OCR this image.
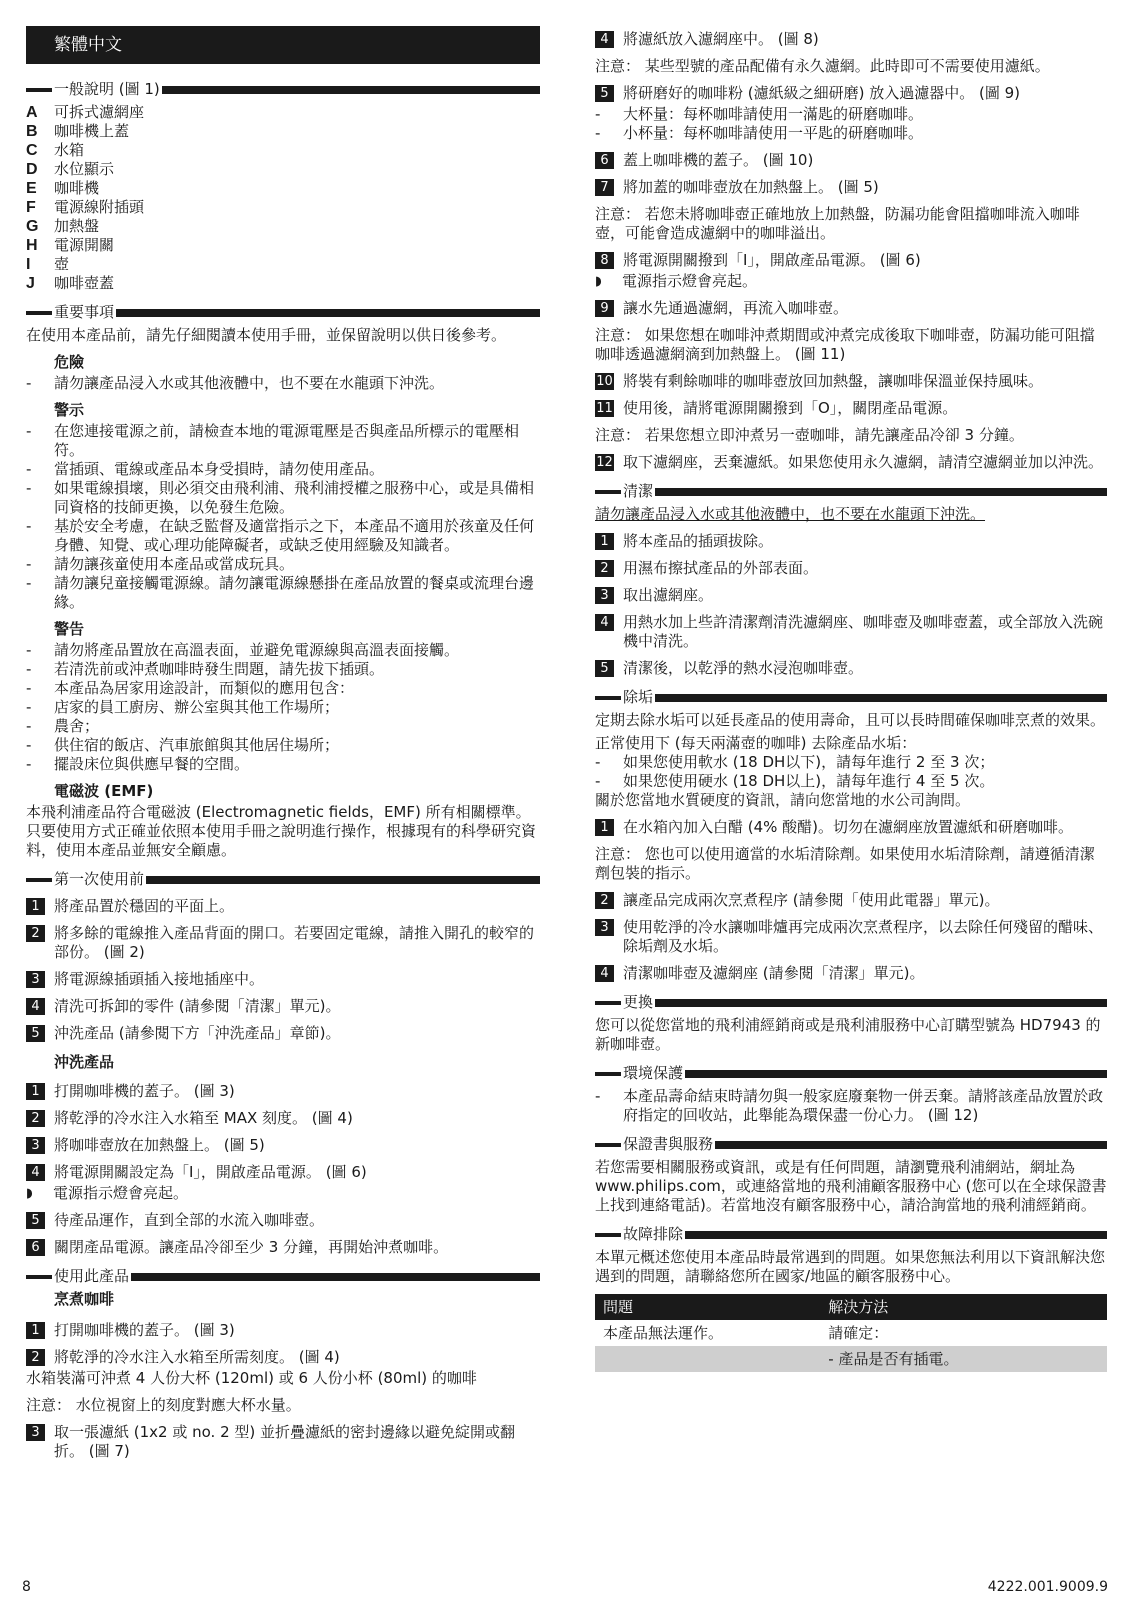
繁體中文
一般說明 (圖 1)
A	可拆式濾網座
B	咖啡機上蓋
C	水箱
D	水位顯示
E	咖啡機
F	電源線附插頭
G	加熱盤
H	電源開關
I	壺
J	咖啡壺蓋
重要事項

在使用本產品前，請先仔細閱讀本使用手冊，並保留說明以供日後參考。

危險
-	請勿讓產品浸入水或其他液體中，也不要在水龍頭下沖洗。
警示
-	在您連接電源之前，請檢查本地的電源電壓是否與產品所標示的電壓相符。
-	當插頭、電線或產品本身受損時，請勿使用產品。
-	如果電線損壞，則必須交由飛利浦、飛利浦授權之服務中心，或是具備相同資格的技師更換，以免發生危險。
-	基於安全考慮，在缺乏監督及適當指示之下，本產品不適用於孩童及任何身體、知覺、或心理功能障礙者，或缺乏使用經驗及知識者。
-	請勿讓孩童使用本產品或當成玩具。
-	請勿讓兒童接觸電源線。請勿讓電源線懸掛在產品放置的餐桌或流理台邊緣。
警告
-	請勿將產品置放在高溫表面，並避免電源線與高溫表面接觸。
-	若清洗前或沖煮咖啡時發生問題，請先拔下插頭。
-	本產品為居家用途設計，而類似的應用包含：
-	店家的員工廚房、辦公室與其他工作場所；
-	農舍；
-	供住宿的飯店、汽車旅館與其他居住場所；
-	擺設床位與供應早餐的空間。
電磁波 (EMF)

本飛利浦產品符合電磁波 (Electromagnetic fields，EMF) 所有相關標準。只要使用方式正確並依照本使用手冊之說明進行操作，根據現有的科學研究資料，使用本產品並無安全顧慮。

第一次使用前
1 將產品置於穩固的平面上。
2 將多餘的電線推入產品背面的開口。若要固定電線，請推入開孔的較窄的部份。 (圖 2)
3 將電源線插頭插入接地插座中。
4 清洗可拆卸的零件 (請參閱「清潔」單元)。
5 沖洗產品 (請參閱下方「沖洗產品」章節)。
沖洗產品
1 打開咖啡機的蓋子。 (圖 3)
2 將乾淨的冷水注入水箱至 MAX 刻度。 (圖 4)
3 將咖啡壺放在加熱盤上。 (圖 5)
4 將電源開關設定為「I」，開啟產品電源。 (圖 6)
◗	電源指示燈會亮起。
5 待產品運作，直到全部的水流入咖啡壺。
6 關閉產品電源。讓產品冷卻至少 3 分鐘，再開始沖煮咖啡。
使用此產品
烹煮咖啡
1 打開咖啡機的蓋子。 (圖 3)
2 將乾淨的冷水注入水箱至所需刻度。 (圖 4)

水箱裝滿可沖煮 4 人份大杯 (120ml) 或 6 人份小杯 (80ml) 的咖啡

注意： 水位視窗上的刻度對應大杯水量。

3 取一張濾紙 (1x2 或 no. 2 型) 並折疊濾紙的密封邊緣以避免綻開或翻折。 (圖 7)
4 將濾紙放入濾網座中。 (圖 8)

注意： 某些型號的產品配備有永久濾網。此時即可不需要使用濾紙。

5 將研磨好的咖啡粉 (濾紙級之細研磨) 放入過濾器中。 (圖 9)
-	大杯量：每杯咖啡請使用一滿匙的研磨咖啡。
-	小杯量：每杯咖啡請使用一平匙的研磨咖啡。
6 蓋上咖啡機的蓋子。 (圖 10)
7 將加蓋的咖啡壺放在加熱盤上。 (圖 5)

注意： 若您未將咖啡壺正確地放上加熱盤，防漏功能會阻擋咖啡流入咖啡壺，可能會造成濾網中的咖啡溢出。

8 將電源開關撥到「I」，開啟產品電源。 (圖 6)
◗	電源指示燈會亮起。
9 讓水先通過濾網，再流入咖啡壺。

注意： 如果您想在咖啡沖煮期間或沖煮完成後取下咖啡壺，防漏功能可阻擋咖啡透過濾網滴到加熱盤上。 (圖 11)

10 將裝有剩餘咖啡的咖啡壺放回加熱盤，讓咖啡保溫並保持風味。
11 使用後，請將電源開關撥到「O」，關閉產品電源。

注意： 若果您想立即沖煮另一壺咖啡，請先讓產品冷卻 3 分鐘。

12 取下濾網座，丟棄濾紙。如果您使用永久濾網，請清空濾網並加以沖洗。
清潔

請勿讓產品浸入水或其他液體中，也不要在水龍頭下沖洗。

1 將本產品的插頭拔除。
2 用濕布擦拭產品的外部表面。
3 取出濾網座。
4 用熱水加上些許清潔劑清洗濾網座、咖啡壺及咖啡壺蓋，或全部放入洗碗機中清洗。
5 清潔後，以乾淨的熱水浸泡咖啡壺。
除垢

定期去除水垢可以延長產品的使用壽命，且可以長時間確保咖啡烹煮的效果。

正常使用下 (每天兩滿壺的咖啡) 去除產品水垢：

-	如果您使用軟水 (18 DH以下)，請每年進行 2 至 3 次；
-	如果您使用硬水 (18 DH以上)，請每年進行 4 至 5 次。

關於您當地水質硬度的資訊，請向您當地的水公司詢問。

1 在水箱內加入白醋 (4% 酸醋)。切勿在濾網座放置濾紙和研磨咖啡。

注意： 您也可以使用適當的水垢清除劑。如果使用水垢清除劑，請遵循清潔劑包裝的指示。

2 讓產品完成兩次烹煮程序 (請參閱「使用此電器」單元)。
3 使用乾淨的冷水讓咖啡爐再完成兩次烹煮程序，以去除任何殘留的醋味、除垢劑及水垢。
4 清潔咖啡壺及濾網座 (請參閱「清潔」單元)。
更換

您可以從您當地的飛利浦經銷商或是飛利浦服務中心訂購型號為 HD7943 的新咖啡壺。

環境保護
-	本產品壽命結束時請勿與一般家庭廢棄物一併丟棄。請將該產品放置於政府指定的回收站，此舉能為環保盡一份心力。 (圖 12)
保證書與服務

若您需要相關服務或資訊，或是有任何問題，請瀏覽飛利浦網站，網址為 www.philips.com，或連絡當地的飛利浦顧客服務中心 (您可以在全球保證書上找到連絡電話)。若當地沒有顧客服務中心，請洽詢當地的飛利浦經銷商。

故障排除

本單元概述您使用本產品時最常遇到的問題。如果您無法利用以下資訊解決您遇到的問題，請聯絡您所在國家/地區的顧客服務中心。

問題	解決方法
本產品無法運作。	請確定：
	- 產品是否有插電。
8	4222.001.9009.9
